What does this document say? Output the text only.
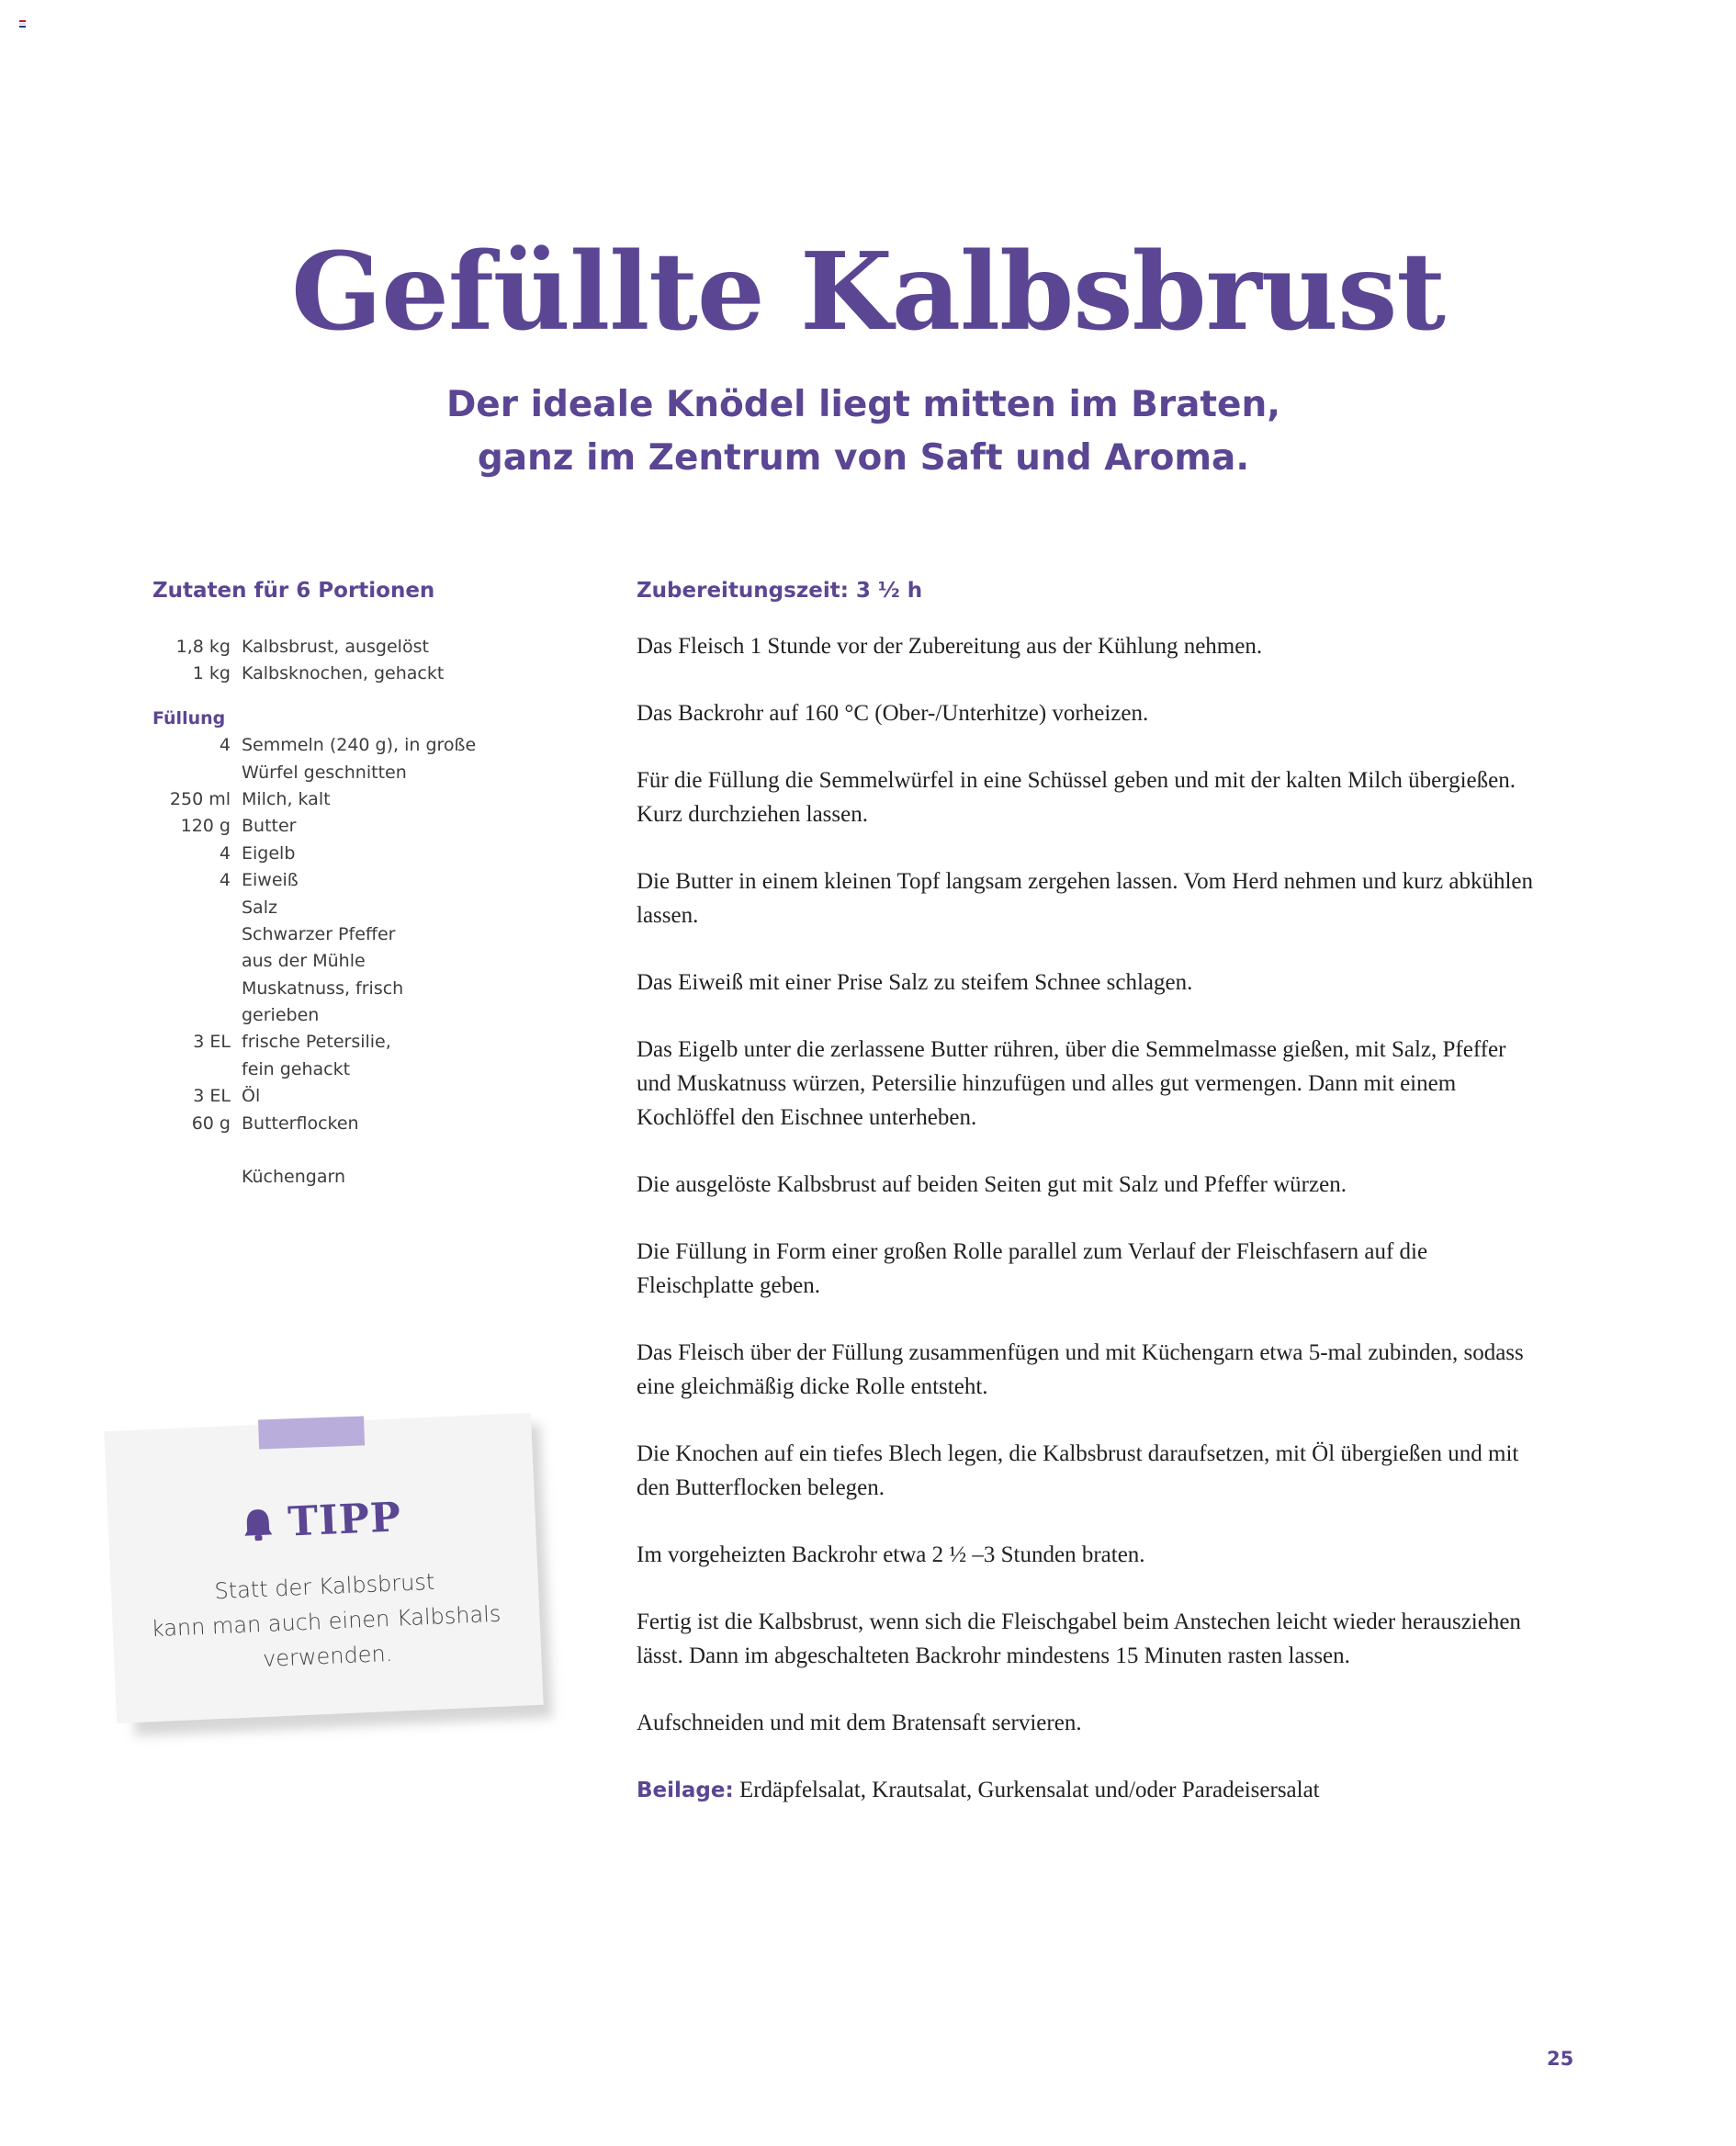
Gefüllte Kalbsbrust
Der ideale Knödel liegt mitten im Braten,
ganz im Zentrum von Saft und Aroma.
Zutaten für 6 Portionen
1,8 kg Kalbsbrust, ausgelöst
1 kg Kalbsknochen, gehackt
Füllung
4 Semmeln (240 g), in große
Würfel geschnitten
250 ml Milch, kalt
120 g Butter
4 Eigelb
4 Eiweiß
Salz
Schwarzer Pfeffer
aus der Mühle
Muskatnuss, frisch
gerieben
3 EL frische Petersilie,
fein gehackt
3 EL Öl
60 g Butterflocken
Küchengarn
Zubereitungszeit: 3 ½ h

Das Fleisch 1 Stunde vor der Zubereitung aus der Kühlung nehmen.

Das Backrohr auf 160 °C (Ober-/Unterhitze) vorheizen.

Für die Füllung die Semmelwürfel in eine Schüssel geben und mit der kalten Milch übergießen. Kurz durchziehen lassen.

Die Butter in einem kleinen Topf langsam zergehen lassen. Vom Herd nehmen und kurz abkühlen lassen.

Das Eiweiß mit einer Prise Salz zu steifem Schnee schlagen.

Das Eigelb unter die zerlassene Butter rühren, über die Semmelmasse gießen, mit Salz, Pfeffer und Muskatnuss würzen, Petersilie hinzufügen und alles gut vermengen. Dann mit einem Kochlöffel den Eischnee unterheben.

Die ausgelöste Kalbsbrust auf beiden Seiten gut mit Salz und Pfeffer würzen.

Die Füllung in Form einer großen Rolle parallel zum Verlauf der Fleischfasern auf die Fleischplatte geben.

Das Fleisch über der Füllung zusammenfügen und mit Küchengarn etwa 5-mal zubinden, sodass eine gleichmäßig dicke Rolle entsteht.

Die Knochen auf ein tiefes Blech legen, die Kalbsbrust daraufsetzen, mit Öl übergießen und mit den Butterflocken belegen.

Im vorgeheizten Backrohr etwa 2 ½ –3 Stunden braten.

Fertig ist die Kalbsbrust, wenn sich die Fleischgabel beim Anstechen leicht wieder herausziehen lässt. Dann im abgeschalteten Backrohr mindestens 15 Minuten rasten lassen.

Aufschneiden und mit dem Bratensaft servieren.

Beilage: Erdäpfelsalat, Krautsalat, Gurkensalat und/oder Paradeisersalat

TIPP
Statt der Kalbsbrust
kann man auch einen Kalbshals
verwenden.
25
